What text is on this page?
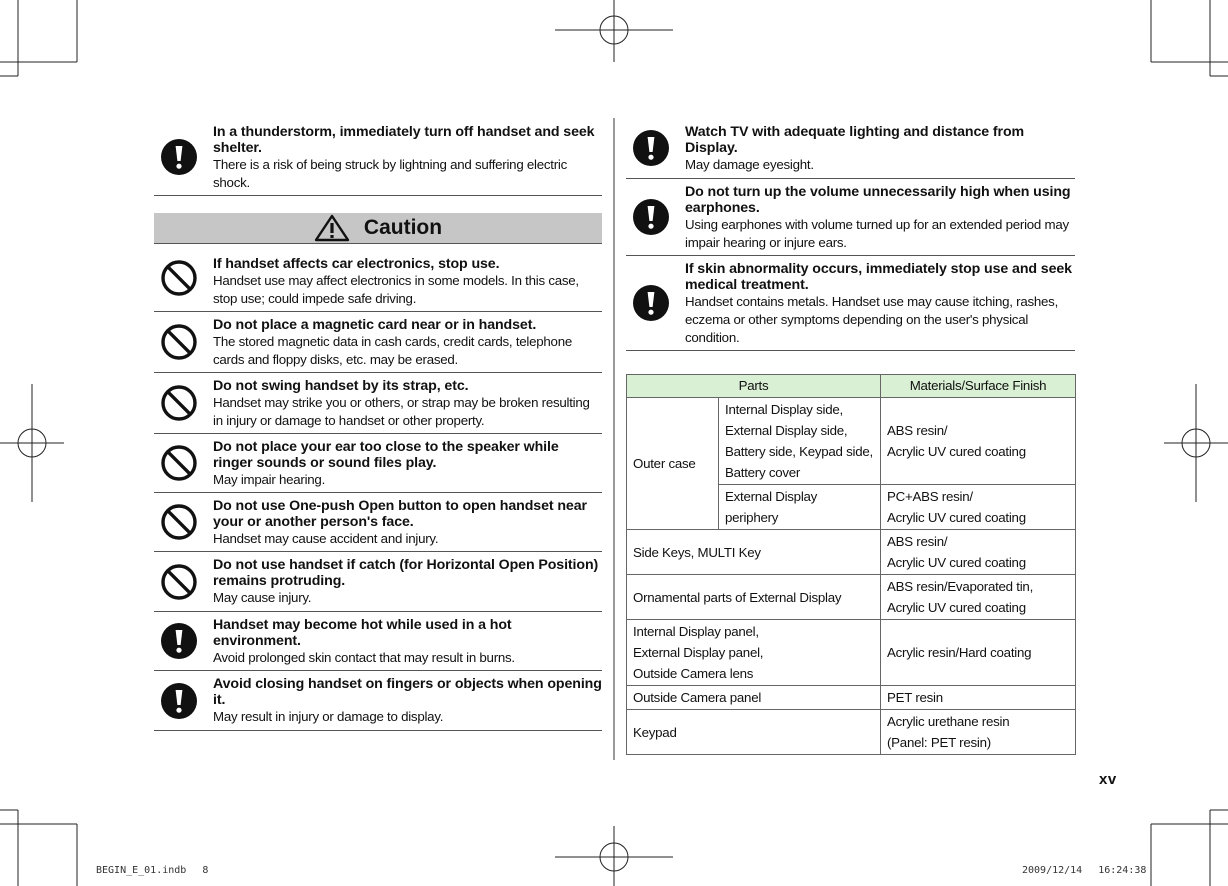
In a thunderstorm, immediately turn off handset and seek shelter.
There is a risk of being struck by lightning and suffering electric shock.
Caution
If handset affects car electronics, stop use.
Handset use may affect electronics in some models. In this case, stop use; could impede safe driving.
Do not place a magnetic card near or in handset.
The stored magnetic data in cash cards, credit cards, telephone cards and floppy disks, etc. may be erased.
Do not swing handset by its strap, etc.
Handset may strike you or others, or strap may be broken resulting in injury or damage to handset or other property.
Do not place your ear too close to the speaker while ringer sounds or sound files play.
May impair hearing.
Do not use One-push Open button to open handset near your or another person's face.
Handset may cause accident and injury.
Do not use handset if catch (for Horizontal Open Position) remains protruding.
May cause injury.
Handset may become hot while used in a hot environment.
Avoid prolonged skin contact that may result in burns.
Avoid closing handset on fingers or objects when opening it.
May result in injury or damage to display.
Watch TV with adequate lighting and distance from Display.
May damage eyesight.
Do not turn up the volume unnecessarily high when using earphones.
Using earphones with volume turned up for an extended period may impair hearing or injure ears.
If skin abnormality occurs, immediately stop use and seek medical treatment.
Handset contains metals. Handset use may cause itching, rashes, eczema or other symptoms depending on the user's physical condition.
Parts		Materials/Surface Finish
Outer case	Internal Display side,
External Display side,
Battery side, Keypad side,
Battery cover	ABS resin/
Acrylic UV cured coating
	External Display
periphery	PC+ABS resin/
Acrylic UV cured coating
Side Keys, MULTI Key		ABS resin/
Acrylic UV cured coating
Ornamental parts of External Display		ABS resin/Evaporated tin,
Acrylic UV cured coating
Internal Display panel,
External Display panel,
Outside Camera lens		Acrylic resin/Hard coating
Outside Camera panel		PET resin
Keypad		Acrylic urethane resin
(Panel: PET resin)
xv
BEGIN_E_01.indb　 8	2009/12/14　 16:24:38
